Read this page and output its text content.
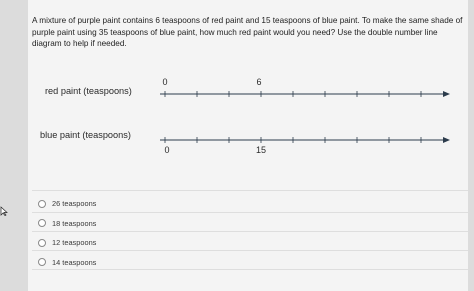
A mixture of purple paint contains 6 teaspoons of red paint and 15 teaspoons of blue paint. To make the same shade of purple paint using 35 teaspoons of blue paint, how much red paint would you need? Use the double number line diagram to help if needed.
red paint (teaspoons)
0	6
blue paint (teaspoons)
0	15
26 teaspoons
18 teaspoons
12 teaspoons
14 teaspoons
